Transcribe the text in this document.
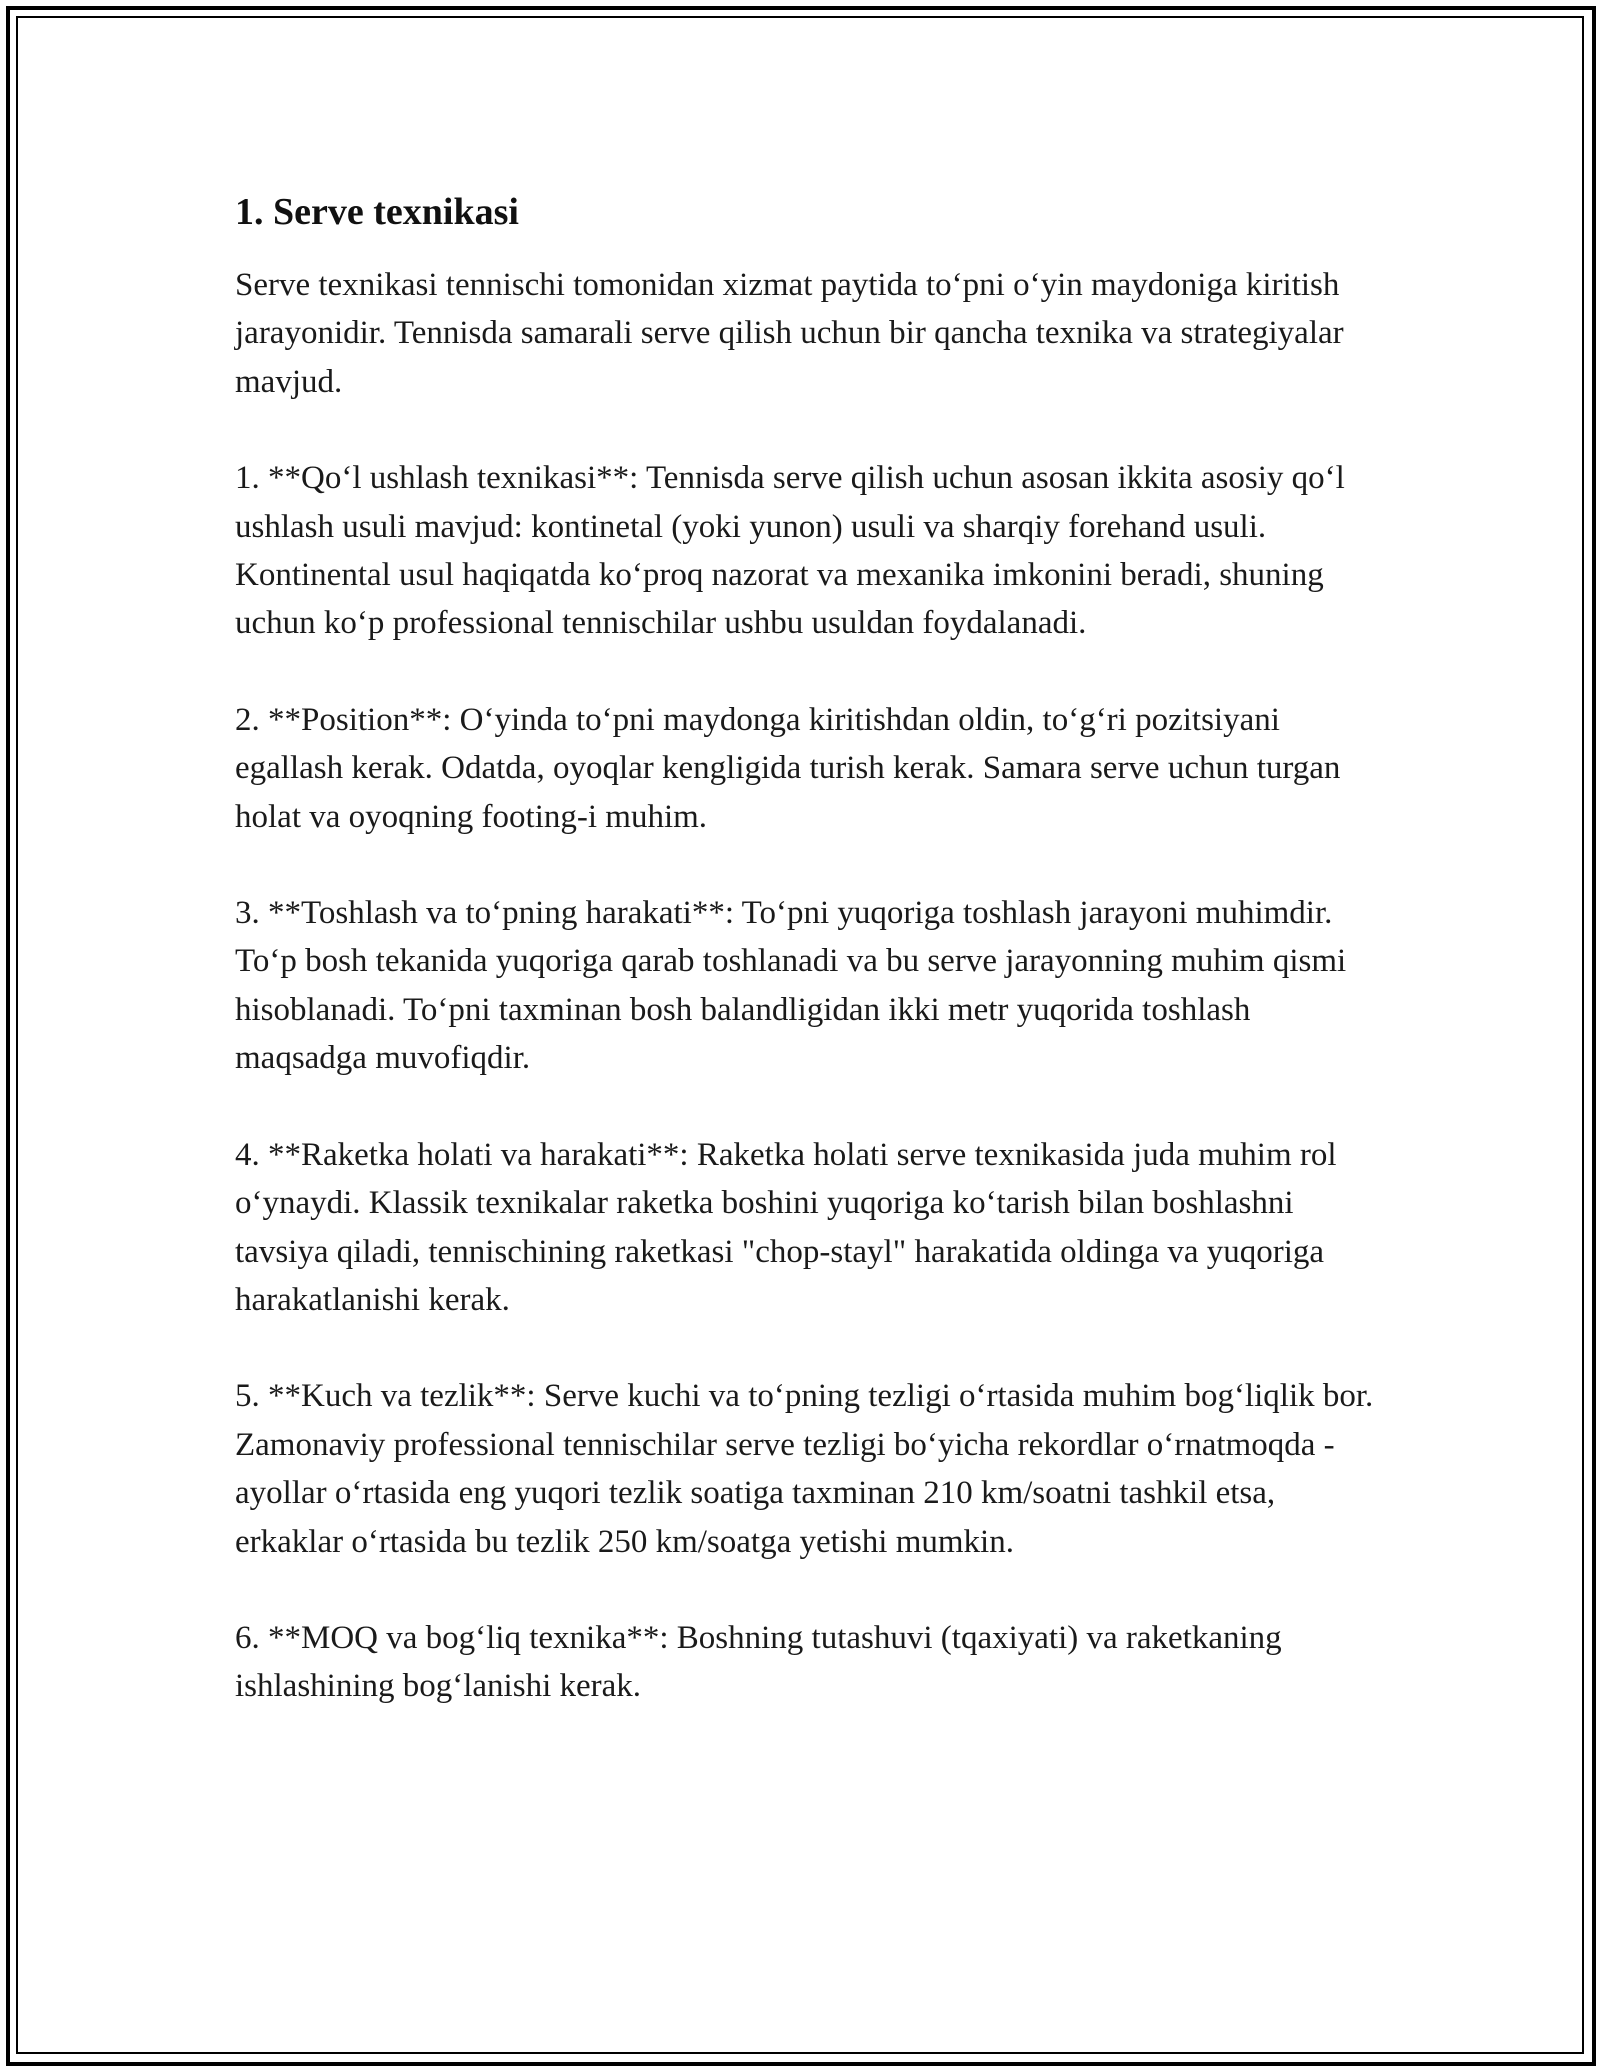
1. Serve texnikasi

Serve texnikasi tennischi tomonidan xizmat paytida to‘pni o‘yin maydoniga kiritish jarayonidir. Tennisda samarali serve qilish uchun bir qancha texnika va strategiyalar mavjud.

1. **Qo‘l ushlash texnikasi**: Tennisda serve qilish uchun asosan ikkita asosiy qo‘l ushlash usuli mavjud: kontinetal (yoki yunon) usuli va sharqiy forehand usuli. Kontinental usul haqiqatda ko‘proq nazorat va mexanika imkonini beradi, shuning uchun ko‘p professional tennischilar ushbu usuldan foydalanadi.

2. **Position**: O‘yinda to‘pni maydonga kiritishdan oldin, to‘g‘ri pozitsiyani egallash kerak. Odatda, oyoqlar kengligida turish kerak. Samara serve uchun turgan holat va oyoqning footing-i muhim.

3. **Toshlash va to‘pning harakati**: To‘pni yuqoriga toshlash jarayoni muhimdir. To‘p bosh tekanida yuqoriga qarab toshlanadi va bu serve jarayonning muhim qismi hisoblanadi. To‘pni taxminan bosh balandligidan ikki metr yuqorida toshlash maqsadga muvofiqdir.

4. **Raketka holati va harakati**: Raketka holati serve texnikasida juda muhim rol o‘ynaydi. Klassik texnikalar raketka boshini yuqoriga ko‘tarish bilan boshlashni tavsiya qiladi, tennischining raketkasi "chop-stayl" harakatida oldinga va yuqoriga harakatlanishi kerak.

5. **Kuch va tezlik**: Serve kuchi va to‘pning tezligi o‘rtasida muhim bog‘liqlik bor. Zamonaviy professional tennischilar serve tezligi bo‘yicha rekordlar o‘rnatmoqda - ayollar o‘rtasida eng yuqori tezlik soatiga taxminan 210 km/soatni tashkil etsa, erkaklar o‘rtasida bu tezlik 250 km/soatga yetishi mumkin.

6. **MOQ va bog‘liq texnika**: Boshning tutashuvi (tqaxiyati) va raketkaning ishlashining bog‘lanishi kerak.
